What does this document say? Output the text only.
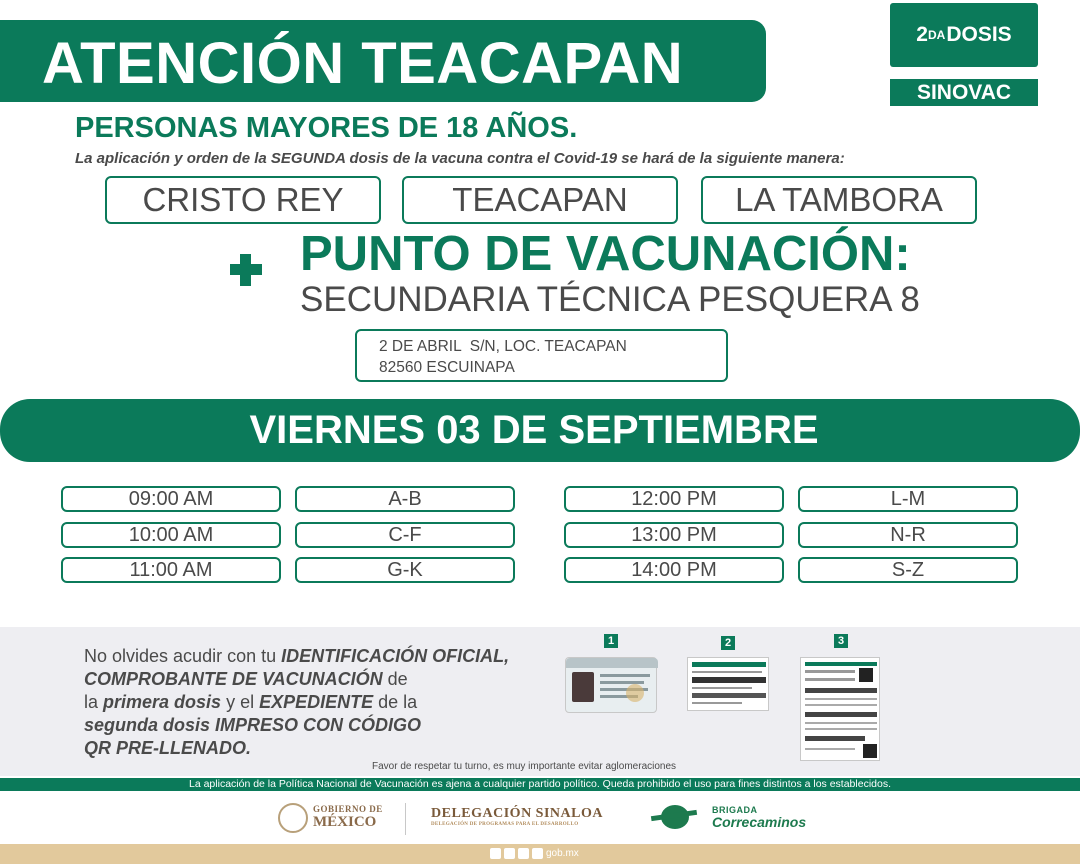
ATENCIÓN TEACAPAN	2 DA DOSIS
SINOVAC
PERSONAS MAYORES DE 18 AÑOS.
La aplicación y orden de la SEGUNDA dosis de la vacuna contra el Covid-19 se hará de la siguiente manera:
CRISTO REY	TEACAPAN	LA TAMBORA
PUNTO DE VACUNACIÓN:
SECUNDARIA TÉCNICA PESQUERA 8
2 DE ABRIL  S/N, LOC. TEACAPAN
82560 ESCUINAPA
VIERNES 03 DE SEPTIEMBRE
09:00 AM	A-B
10:00 AM	C-F
11:00 AM	G-K
12:00 PM	L-M
13:00 PM	N-R
14:00 PM	S-Z
No olvides acudir con tu IDENTIFICACIÓN OFICIAL,
COMPROBANTE DE VACUNACIÓN de
la primera dosis y el EXPEDIENTE de la
segunda dosis IMPRESO CON CÓDIGO
QR PRE-LLENADO.
1	2	3
Favor de respetar tu turno, es muy importante evitar aglomeraciones
La aplicación de la Política Nacional de Vacunación es ajena a cualquier partido político. Queda prohibido el uso para fines distintos a los establecidos.
GOBIERNO DE
MÉXICO
DELEGACIÓN SINALOA
DELEGACIÓN DE PROGRAMAS PARA EL DESARROLLO
BRIGADA
Correcaminos
gob.mx
